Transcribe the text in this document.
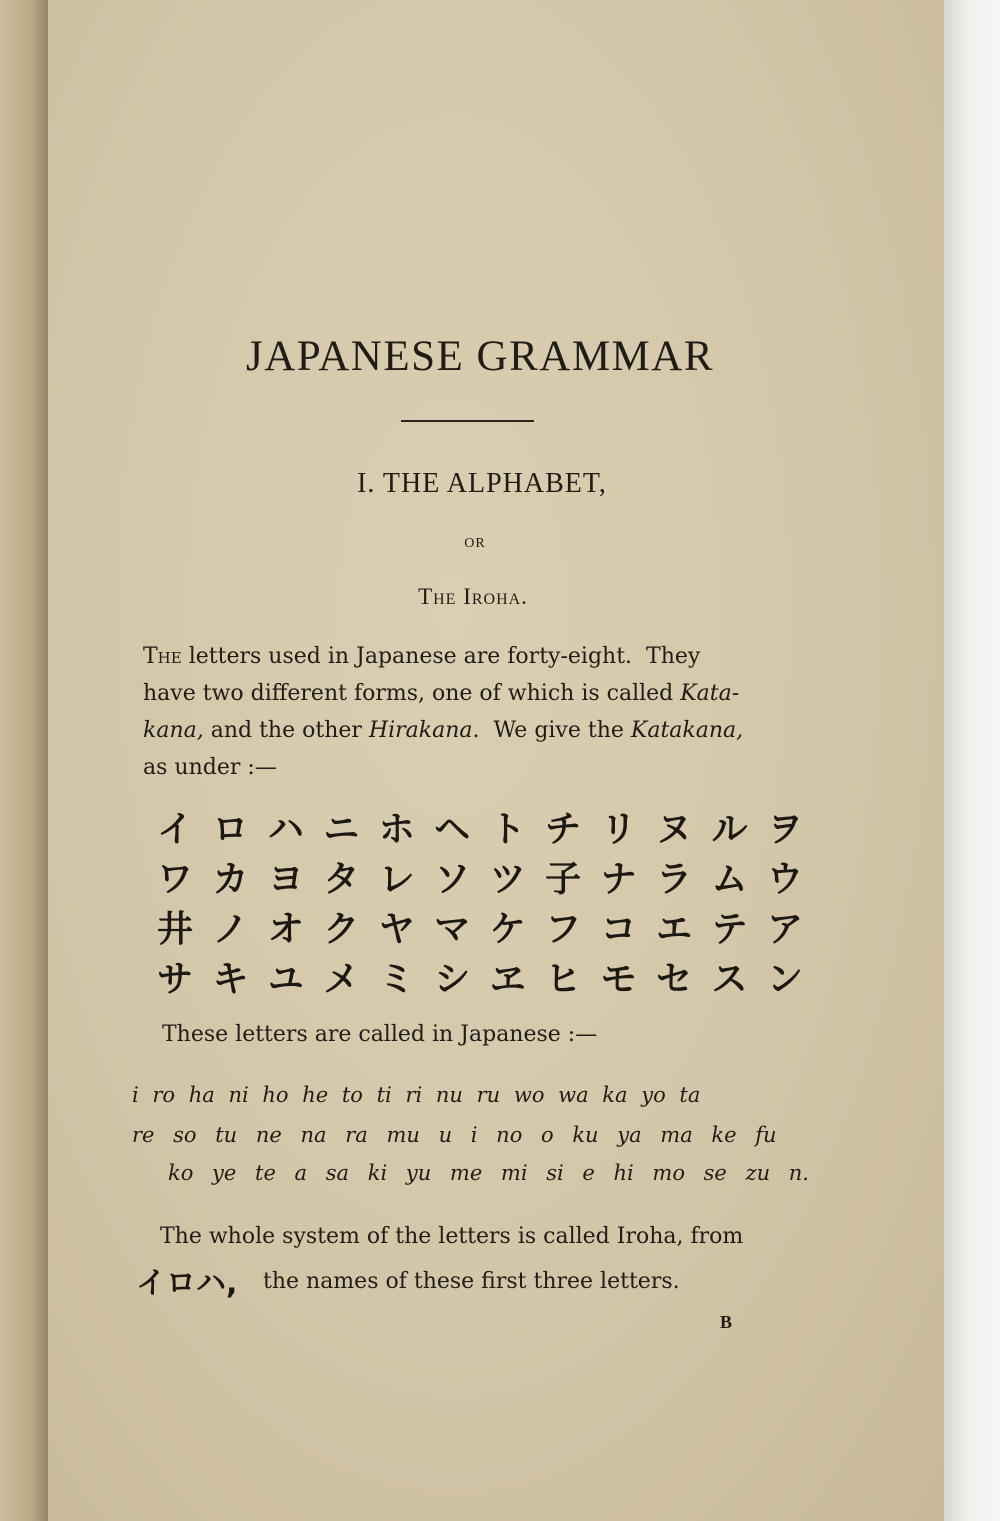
JAPANESE GRAMMAR
I. THE ALPHABET,
OR
The Iroha.
The letters used in Japanese are forty-eight.  They
have two different forms, one of which is called Kata-
kana, and the other Hirakana.  We give the Katakana,
as under :—
イ ロ ハ ニ ホ ヘ ト チ リ ヌ ル ヲ
ワ カ ヨ タ レ ソ ツ 子 ナ ラ ム ウ
井 ノ オ ク ヤ マ ケ フ コ エ テ ア
サ キ ユ メ ミ シ ヱ ヒ モ セ ス ン
These letters are called in Japanese :—
i ro ha ni ho he to ti ri nu ru wo wa ka yo ta
re so tu ne na ra mu u i no o ku ya ma ke fu
ko ye te a sa ki yu me mi si e hi mo se zu n.
The whole system of the letters is called Iroha, from
イロハ, the names of these first three letters.
B
